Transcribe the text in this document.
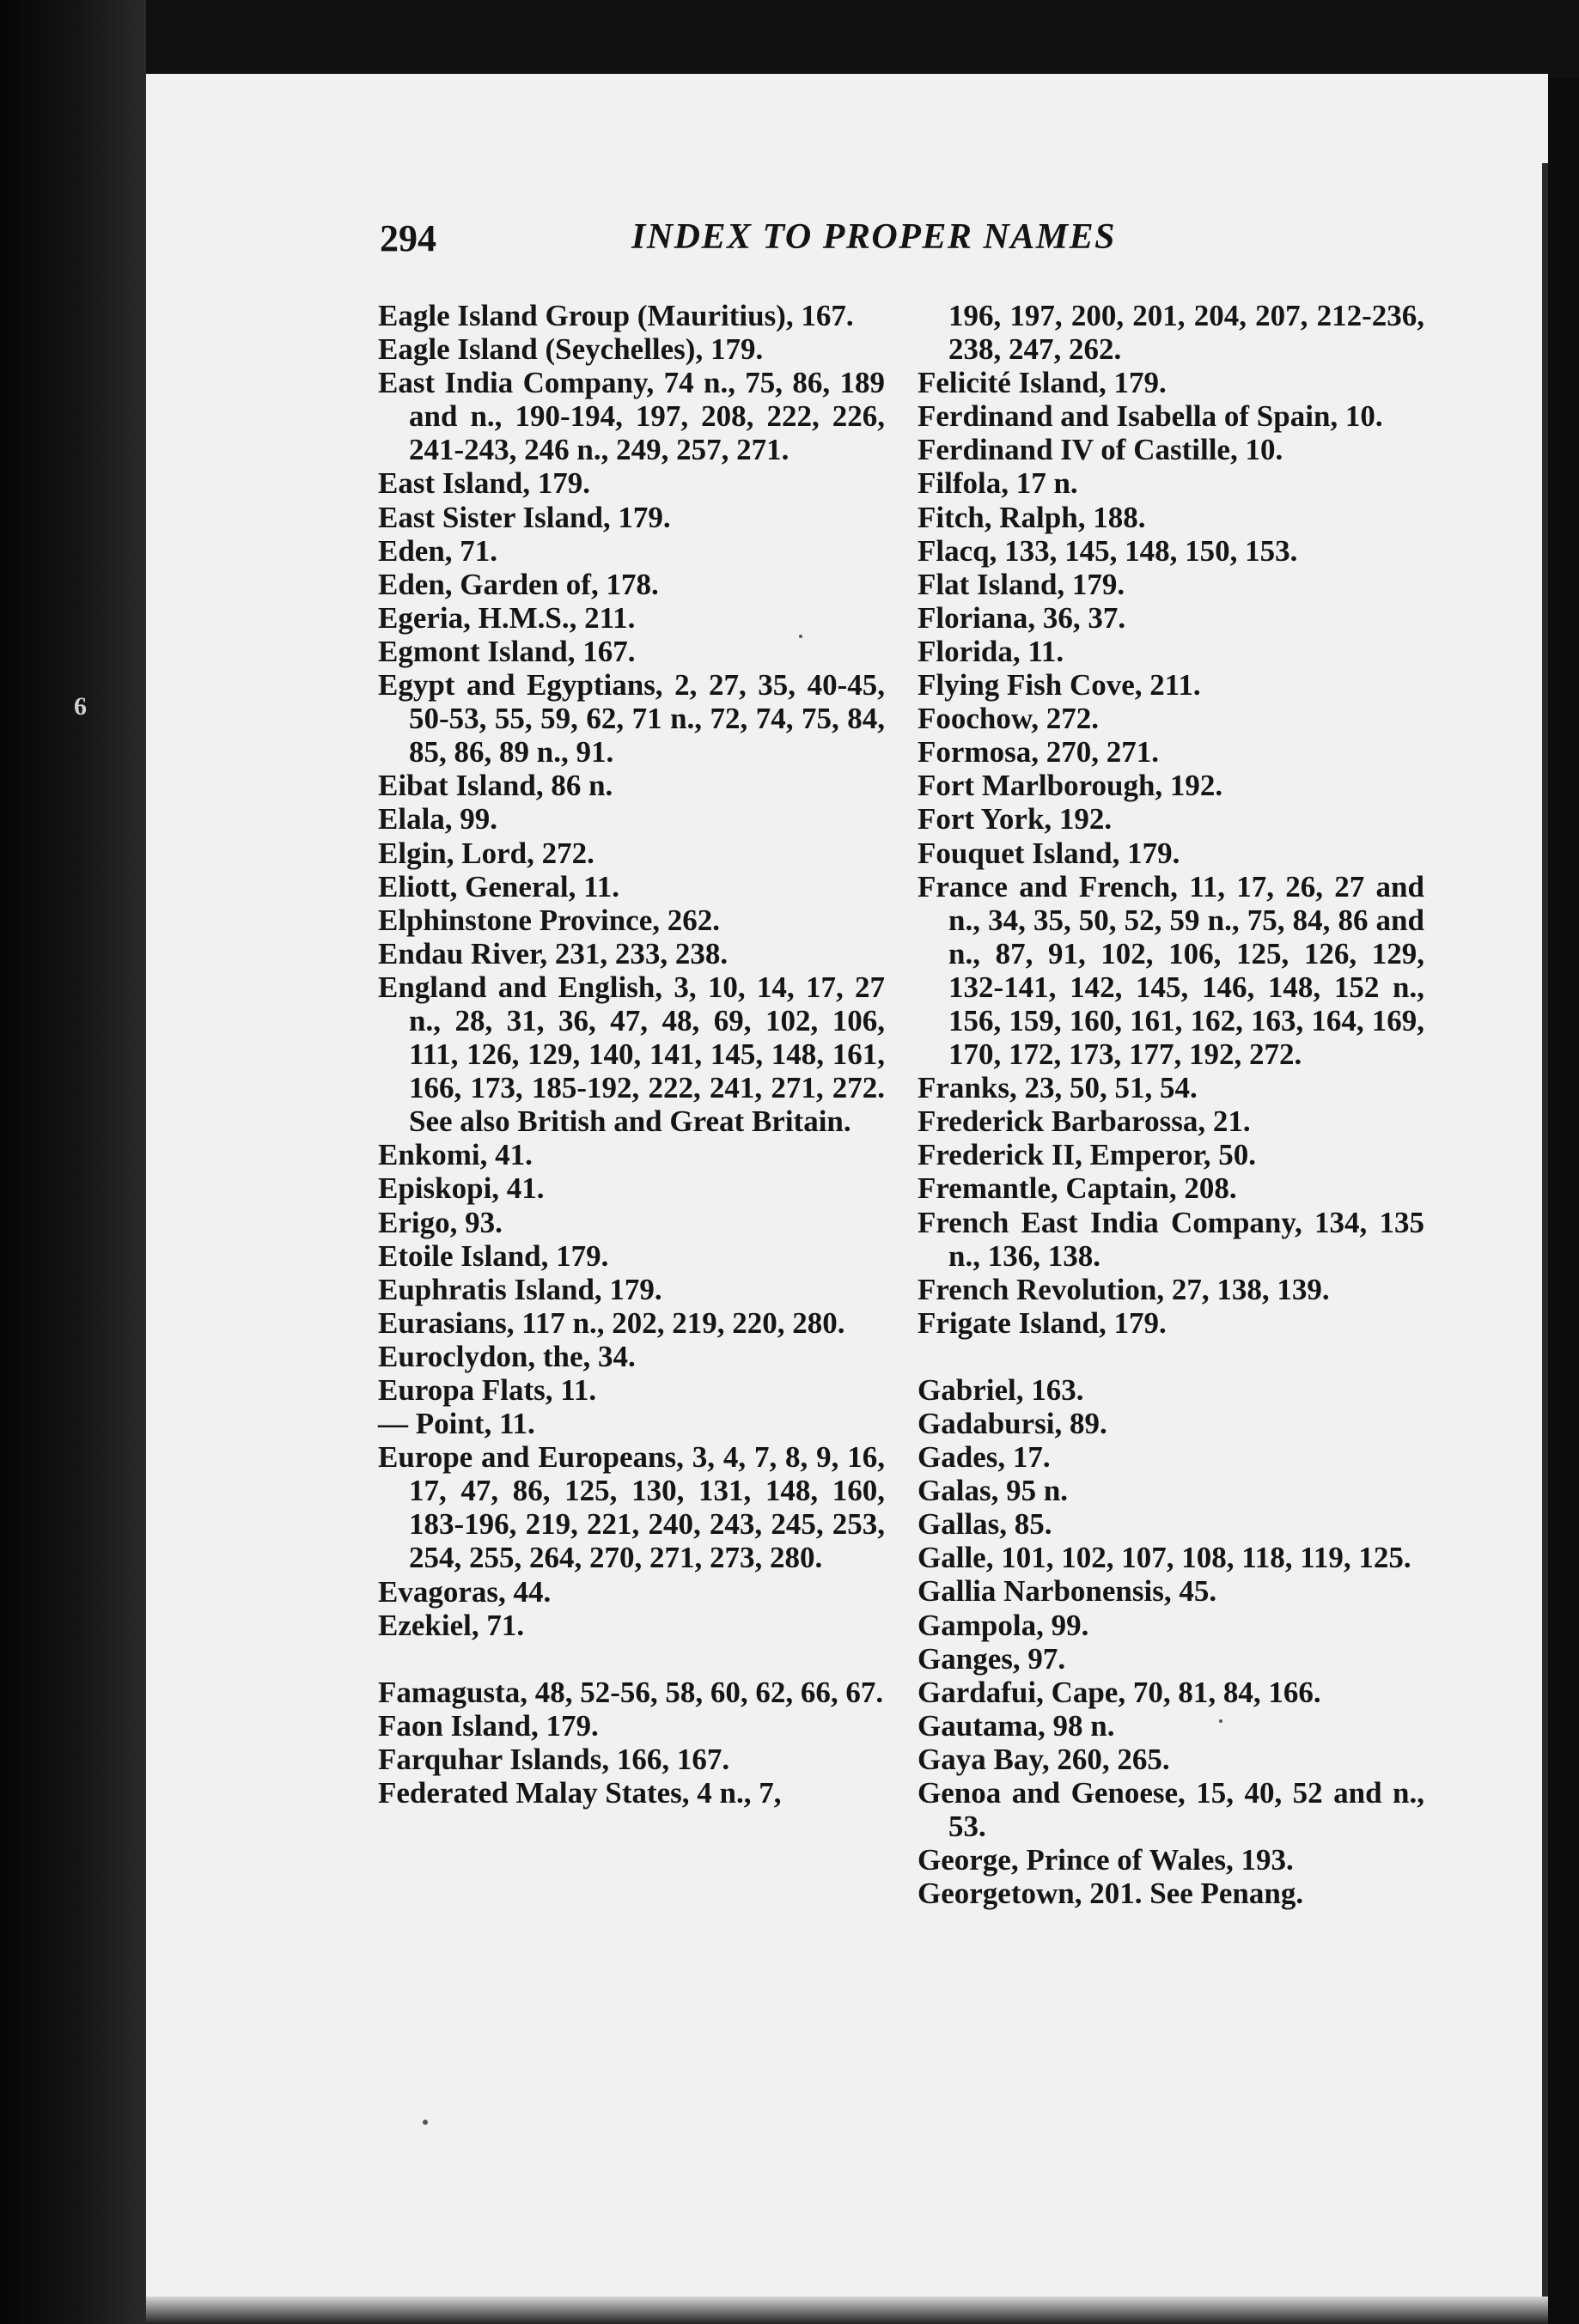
6
294	INDEX TO PROPER NAMES
Eagle Island Group (Mauritius), 167.
Eagle Island (Seychelles), 179.
East India Company, 74 n., 75, 86, 189 and n., 190-194, 197, 208, 222, 226, 241-243, 246 n., 249, 257, 271.
East Island, 179.
East Sister Island, 179.
Eden, 71.
Eden, Garden of, 178.
Egeria, H.M.S., 211.
Egmont Island, 167.
Egypt and Egyptians, 2, 27, 35, 40-45, 50-53, 55, 59, 62, 71 n., 72, 74, 75, 84, 85, 86, 89 n., 91.
Eibat Island, 86 n.
Elala, 99.
Elgin, Lord, 272.
Eliott, General, 11.
Elphinstone Province, 262.
Endau River, 231, 233, 238.
England and English, 3, 10, 14, 17, 27 n., 28, 31, 36, 47, 48, 69, 102, 106, 111, 126, 129, 140, 141, 145, 148, 161, 166, 173, 185-192, 222, 241, 271, 272. See also British and Great Britain.
Enkomi, 41.
Episkopi, 41.
Erigo, 93.
Etoile Island, 179.
Euphratis Island, 179.
Eurasians, 117 n., 202, 219, 220, 280.
Euroclydon, the, 34.
Europa Flats, 11.
— Point, 11.
Europe and Europeans, 3, 4, 7, 8, 9, 16, 17, 47, 86, 125, 130, 131, 148, 160, 183-196, 219, 221, 240, 243, 245, 253, 254, 255, 264, 270, 271, 273, 280.
Evagoras, 44.
Ezekiel, 71.
Famagusta, 48, 52-56, 58, 60, 62, 66, 67.
Faon Island, 179.
Farquhar Islands, 166, 167.
Federated Malay States, 4 n., 7,
196, 197, 200, 201, 204, 207, 212-236, 238, 247, 262.
Felicité Island, 179.
Ferdinand and Isabella of Spain, 10.
Ferdinand IV of Castille, 10.
Filfola, 17 n.
Fitch, Ralph, 188.
Flacq, 133, 145, 148, 150, 153.
Flat Island, 179.
Floriana, 36, 37.
Florida, 11.
Flying Fish Cove, 211.
Foochow, 272.
Formosa, 270, 271.
Fort Marlborough, 192.
Fort York, 192.
Fouquet Island, 179.
France and French, 11, 17, 26, 27 and n., 34, 35, 50, 52, 59 n., 75, 84, 86 and n., 87, 91, 102, 106, 125, 126, 129, 132-141, 142, 145, 146, 148, 152 n., 156, 159, 160, 161, 162, 163, 164, 169, 170, 172, 173, 177, 192, 272.
Franks, 23, 50, 51, 54.
Frederick Barbarossa, 21.
Frederick II, Emperor, 50.
Fremantle, Captain, 208.
French East India Company, 134, 135 n., 136, 138.
French Revolution, 27, 138, 139.
Frigate Island, 179.
Gabriel, 163.
Gadabursi, 89.
Gades, 17.
Galas, 95 n.
Gallas, 85.
Galle, 101, 102, 107, 108, 118, 119, 125.
Gallia Narbonensis, 45.
Gampola, 99.
Ganges, 97.
Gardafui, Cape, 70, 81, 84, 166.
Gautama, 98 n.
Gaya Bay, 260, 265.
Genoa and Genoese, 15, 40, 52 and n., 53.
George, Prince of Wales, 193.
Georgetown, 201. See Penang.
